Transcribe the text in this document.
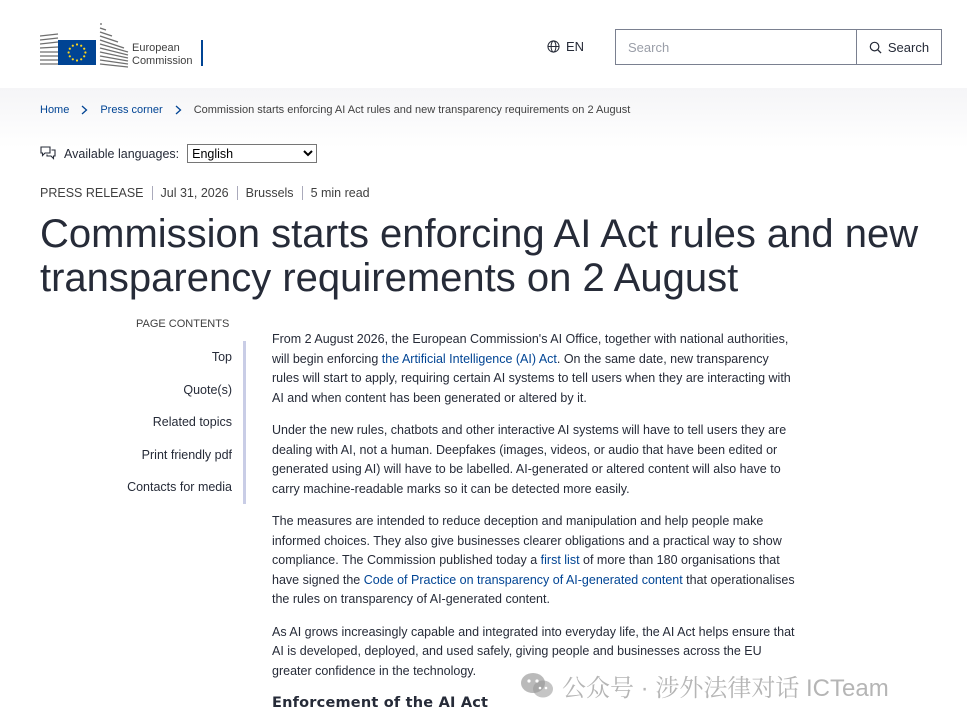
European
Commission
EN
Search	Search
Home	Press corner	Commission starts enforcing AI Act rules and new transparency requirements on 2 August
Available languages:
English
PRESS RELEASE	Jul 31, 2026	Brussels	5 min read
Commission starts enforcing AI Act rules and new transparency requirements on 2 August
PAGE CONTENTS
Top
Quote(s)
Related topics
Print friendly pdf
Contacts for media

From 2 August 2026, the European Commission's AI Office, together with national authorities, will begin enforcing the Artificial Intelligence (AI) Act. On the same date, new transparency rules will start to apply, requiring certain AI systems to tell users when they are interacting with AI and when content has been generated or altered by it.

Under the new rules, chatbots and other interactive AI systems will have to tell users they are dealing with AI, not a human. Deepfakes (images, videos, or audio that have been edited or generated using AI) will have to be labelled. AI-generated or altered content will also have to carry machine-readable marks so it can be detected more easily.

The measures are intended to reduce deception and manipulation and help people make informed choices. They also give businesses clearer obligations and a practical way to show compliance. The Commission published today a first list of more than 180 organisations that have signed the Code of Practice on transparency of AI-generated content that operationalises the rules on transparency of AI-generated content.

As AI grows increasingly capable and integrated into everyday life, the AI Act helps ensure that AI is developed, deployed, and used safely, giving people and businesses across the EU greater confidence in the technology.

Enforcement of the AI Act
公众号 · 涉外法律对话 ICTeam
